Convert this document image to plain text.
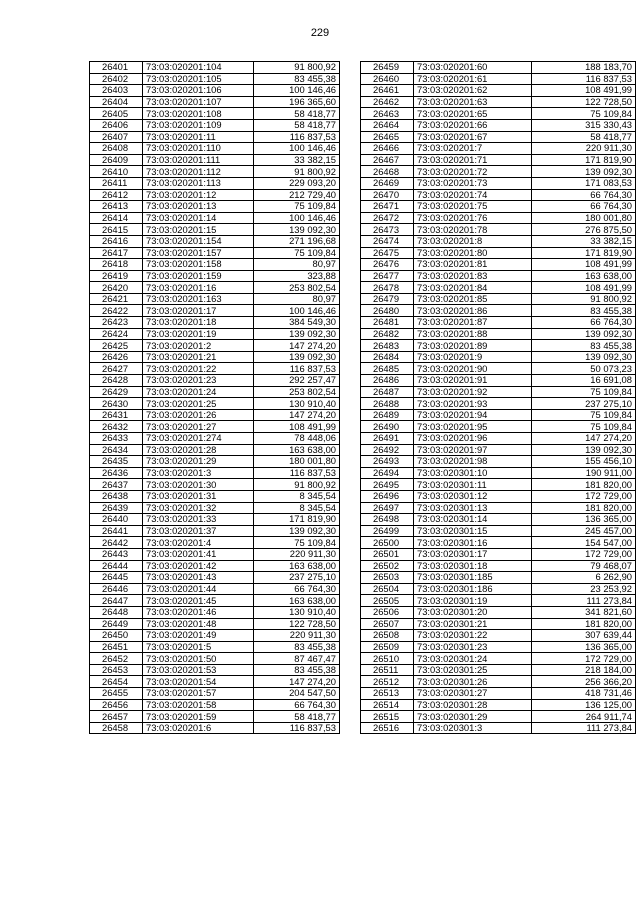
229
26401	73:03:020201:104	91 800,92
26402	73:03:020201:105	83 455,38
26403	73:03:020201:106	100 146,46
26404	73:03:020201:107	196 365,60
26405	73:03:020201:108	58 418,77
26406	73:03:020201:109	58 418,77
26407	73:03:020201:11	116 837,53
26408	73:03:020201:110	100 146,46
26409	73:03:020201:111	33 382,15
26410	73:03:020201:112	91 800,92
26411	73:03:020201:113	229 093,20
26412	73:03:020201:12	212 729,40
26413	73:03:020201:13	75 109,84
26414	73:03:020201:14	100 146,46
26415	73:03:020201:15	139 092,30
26416	73:03:020201:154	271 196,68
26417	73:03:020201:157	75 109,84
26418	73:03:020201:158	80,97
26419	73:03:020201:159	323,88
26420	73:03:020201:16	253 802,54
26421	73:03:020201:163	80,97
26422	73:03:020201:17	100 146,46
26423	73:03:020201:18	384 549,30
26424	73:03:020201:19	139 092,30
26425	73:03:020201:2	147 274,20
26426	73:03:020201:21	139 092,30
26427	73:03:020201:22	116 837,53
26428	73:03:020201:23	292 257,47
26429	73:03:020201:24	253 802,54
26430	73:03:020201:25	130 910,40
26431	73:03:020201:26	147 274,20
26432	73:03:020201:27	108 491,99
26433	73:03:020201:274	78 448,06
26434	73:03:020201:28	163 638,00
26435	73:03:020201:29	180 001,80
26436	73:03:020201:3	116 837,53
26437	73:03:020201:30	91 800,92
26438	73:03:020201:31	8 345,54
26439	73:03:020201:32	8 345,54
26440	73:03:020201:33	171 819,90
26441	73:03:020201:37	139 092,30
26442	73:03:020201:4	75 109,84
26443	73:03:020201:41	220 911,30
26444	73:03:020201:42	163 638,00
26445	73:03:020201:43	237 275,10
26446	73:03:020201:44	66 764,30
26447	73:03:020201:45	163 638,00
26448	73:03:020201:46	130 910,40
26449	73:03:020201:48	122 728,50
26450	73:03:020201:49	220 911,30
26451	73:03:020201:5	83 455,38
26452	73:03:020201:50	87 467,47
26453	73:03:020201:53	83 455,38
26454	73:03:020201:54	147 274,20
26455	73:03:020201:57	204 547,50
26456	73:03:020201:58	66 764,30
26457	73:03:020201:59	58 418,77
26458	73:03:020201:6	116 837,53
26459	73:03:020201:60	188 183,70
26460	73:03:020201:61	116 837,53
26461	73:03:020201:62	108 491,99
26462	73:03:020201:63	122 728,50
26463	73:03:020201:65	75 109,84
26464	73:03:020201:66	315 330,43
26465	73:03:020201:67	58 418,77
26466	73:03:020201:7	220 911,30
26467	73:03:020201:71	171 819,90
26468	73:03:020201:72	139 092,30
26469	73:03:020201:73	171 083,53
26470	73:03:020201:74	66 764,30
26471	73:03:020201:75	66 764,30
26472	73:03:020201:76	180 001,80
26473	73:03:020201:78	276 875,50
26474	73:03:020201:8	33 382,15
26475	73:03:020201:80	171 819,90
26476	73:03:020201:81	108 491,99
26477	73:03:020201:83	163 638,00
26478	73:03:020201:84	108 491,99
26479	73:03:020201:85	91 800,92
26480	73:03:020201:86	83 455,38
26481	73:03:020201:87	66 764,30
26482	73:03:020201:88	139 092,30
26483	73:03:020201:89	83 455,38
26484	73:03:020201:9	139 092,30
26485	73:03:020201:90	50 073,23
26486	73:03:020201:91	16 691,08
26487	73:03:020201:92	75 109,84
26488	73:03:020201:93	237 275,10
26489	73:03:020201:94	75 109,84
26490	73:03:020201:95	75 109,84
26491	73:03:020201:96	147 274,20
26492	73:03:020201:97	139 092,30
26493	73:03:020201:98	155 456,10
26494	73:03:020301:10	190 911,00
26495	73:03:020301:11	181 820,00
26496	73:03:020301:12	172 729,00
26497	73:03:020301:13	181 820,00
26498	73:03:020301:14	136 365,00
26499	73:03:020301:15	245 457,00
26500	73:03:020301:16	154 547,00
26501	73:03:020301:17	172 729,00
26502	73:03:020301:18	79 468,07
26503	73:03:020301:185	6 262,90
26504	73:03:020301:186	23 253,92
26505	73:03:020301:19	111 273,84
26506	73:03:020301:20	341 821,60
26507	73:03:020301:21	181 820,00
26508	73:03:020301:22	307 639,44
26509	73:03:020301:23	136 365,00
26510	73:03:020301:24	172 729,00
26511	73:03:020301:25	218 184,00
26512	73:03:020301:26	256 366,20
26513	73:03:020301:27	418 731,46
26514	73:03:020301:28	136 125,00
26515	73:03:020301:29	264 911,74
26516	73:03:020301:3	111 273,84
